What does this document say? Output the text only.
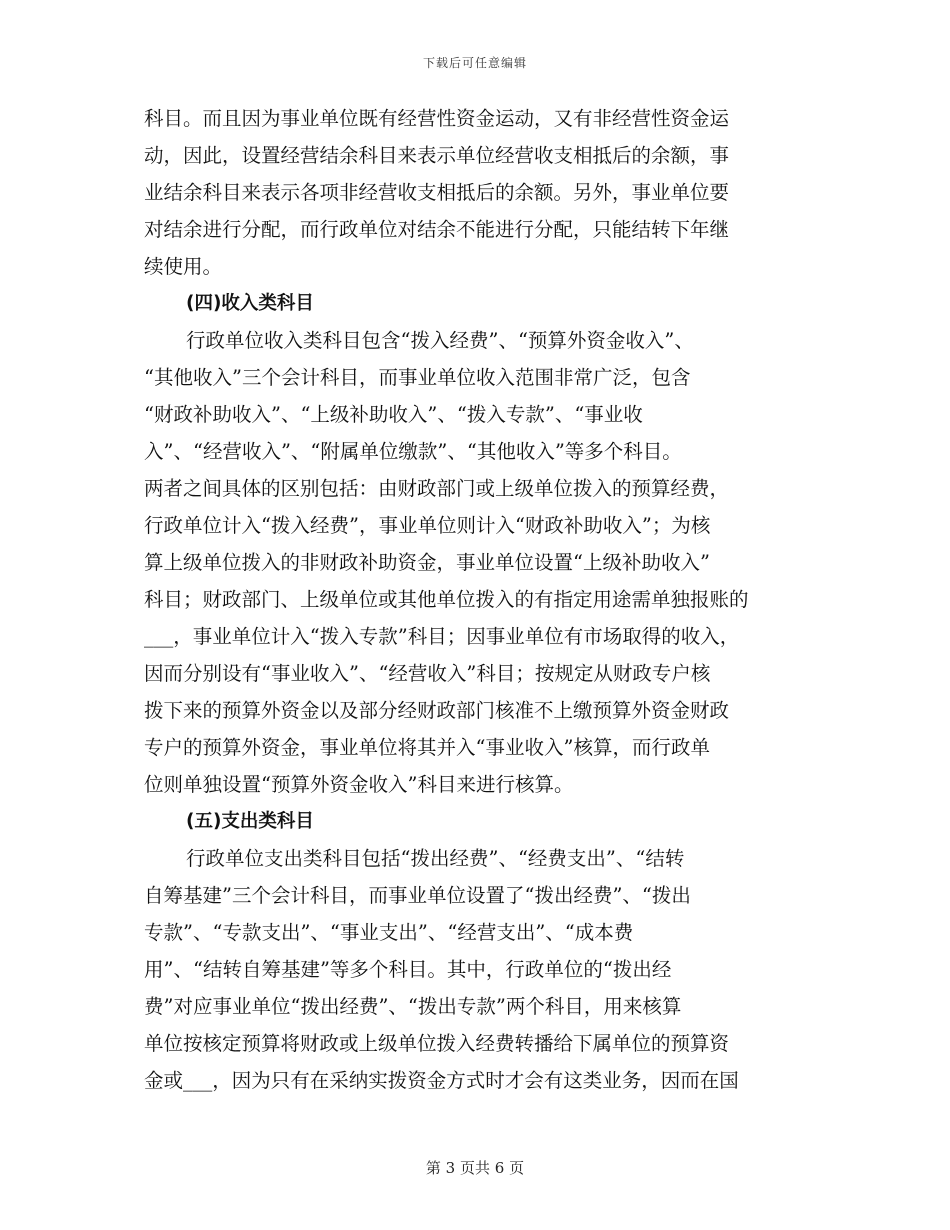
下载后可任意编辑
科目。而且因为事业单位既有经营性资金运动，又有非经营性资金运
动，因此，设置经营结余科目来表示单位经营收支相抵后的余额，事
业结余科目来表示各项非经营收支相抵后的余额。另外，事业单位要
对结余进行分配，而行政单位对结余不能进行分配，只能结转下年继
续使用。
(四)收入类科目
行政单位收入类科目包含“拨入经费”、“预算外资金收入”、
“其他收入”三个会计科目，而事业单位收入范围非常广泛，包含
“财政补助收入”、“上级补助收入”、“拨入专款”、“事业收
入”、“经营收入”、“附属单位缴款”、“其他收入”等多个科目。
两者之间具体的区别包括：由财政部门或上级单位拨入的预算经费，
行政单位计入“拨入经费”，事业单位则计入“财政补助收入”；为核
算上级单位拨入的非财政补助资金，事业单位设置“上级补助收入”
科目；财政部门、上级单位或其他单位拨入的有指定用途需单独报账的
___，事业单位计入“拨入专款”科目；因事业单位有市场取得的收入，
因而分别设有“事业收入”、“经营收入”科目；按规定从财政专户核
拨下来的预算外资金以及部分经财政部门核准不上缴预算外资金财政
专户的预算外资金，事业单位将其并入“事业收入”核算，而行政单
位则单独设置“预算外资金收入”科目来进行核算。
(五)支出类科目
行政单位支出类科目包括“拨出经费”、“经费支出”、“结转
自筹基建”三个会计科目，而事业单位设置了“拨出经费”、“拨出
专款”、“专款支出”、“事业支出”、“经营支出”、“成本费
用”、“结转自筹基建”等多个科目。其中，行政单位的“拨出经
费”对应事业单位“拨出经费”、“拨出专款”两个科目，用来核算
单位按核定预算将财政或上级单位拨入经费转播给下属单位的预算资
金或___，因为只有在采纳实拨资金方式时才会有这类业务，因而在国
第 3 页共 6 页
